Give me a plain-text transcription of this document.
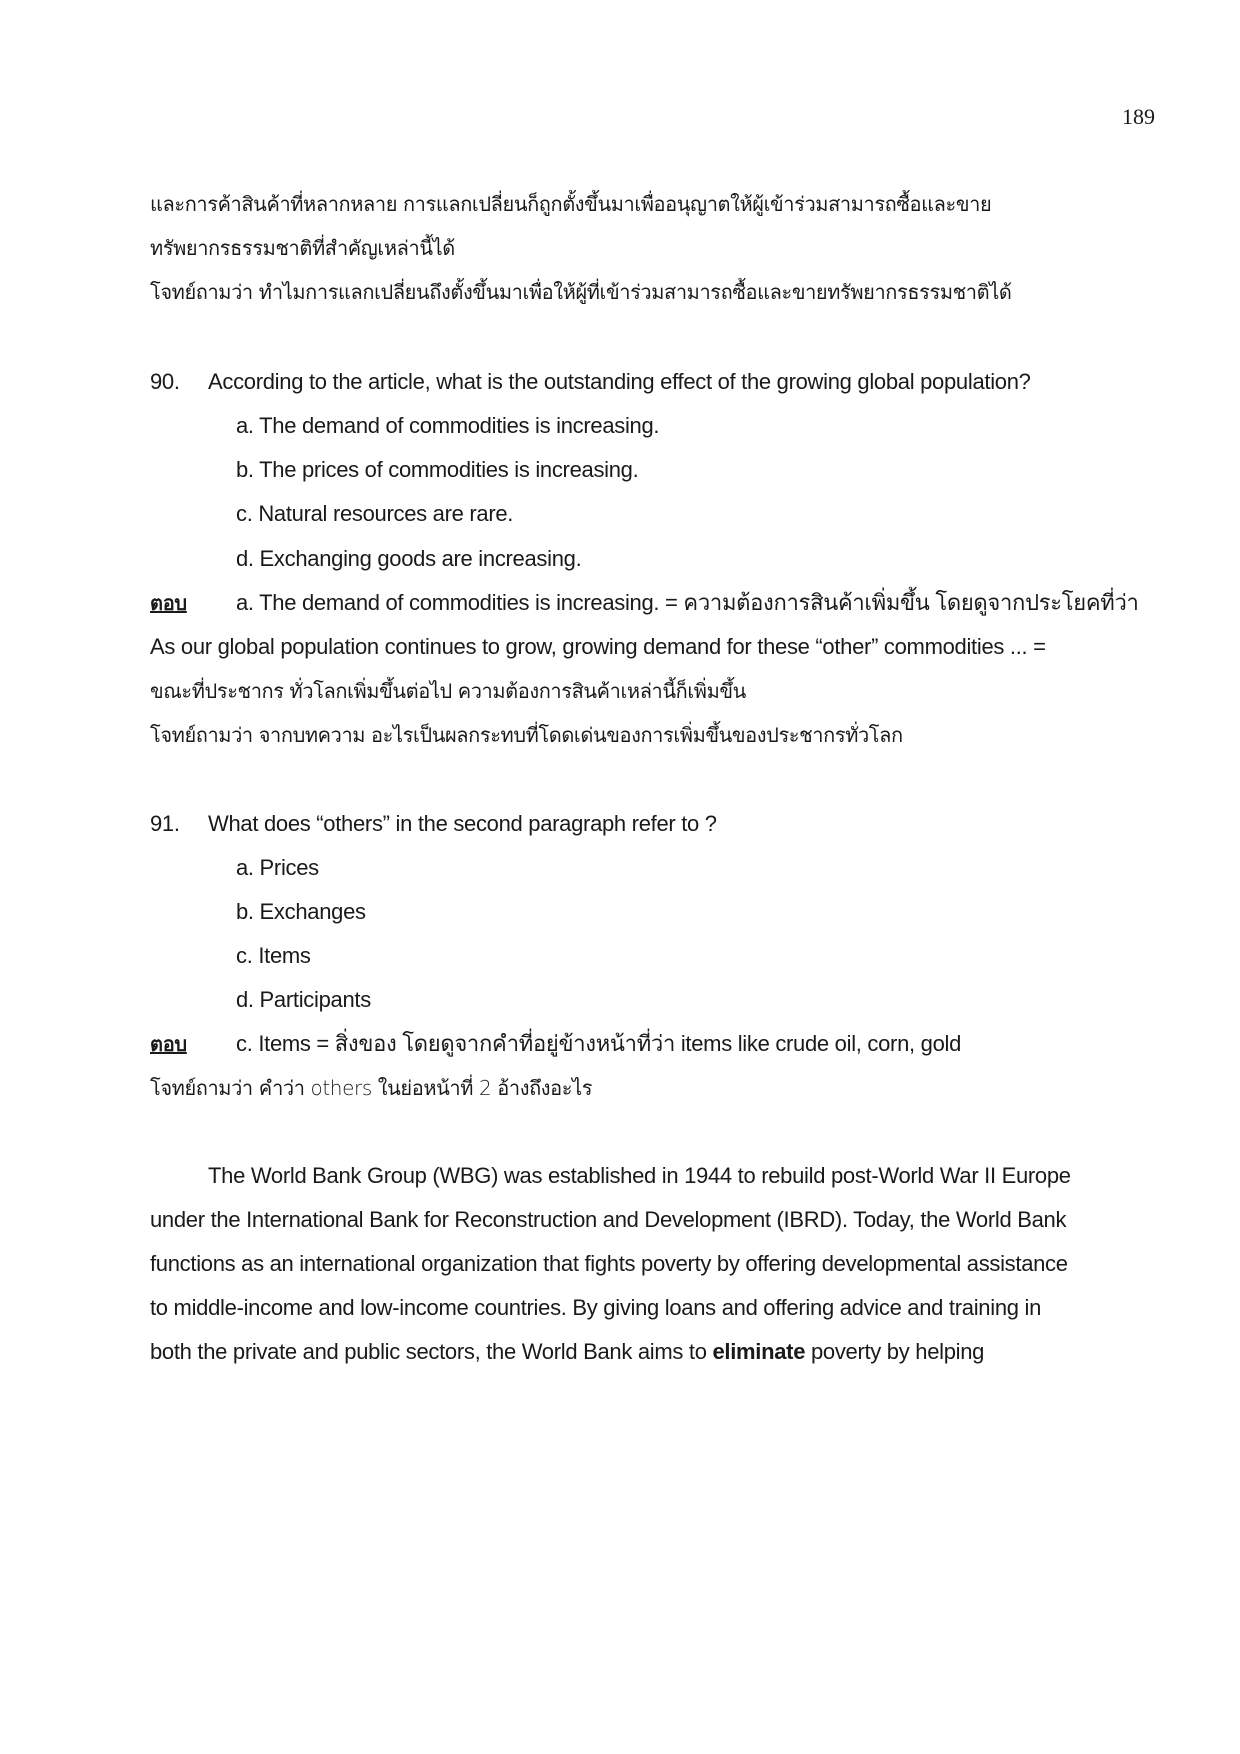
189
และการค้าสินค้าที่หลากหลาย การแลกเปลี่ยนก็ถูกตั้งขึ้นมาเพื่ออนุญาตให้ผู้เข้าร่วมสามารถซื้อและขาย
ทรัพยากรธรรมชาติที่สำคัญเหล่านี้ได้
โจทย์ถามว่า ทำไมการแลกเปลี่ยนถึงตั้งขึ้นมาเพื่อให้ผู้ที่เข้าร่วมสามารถซื้อและขายทรัพยากรธรรมชาติได้
90. According to the article, what is the outstanding effect of the growing global population?
a. The demand of commodities is increasing.
b. The prices of commodities is increasing.
c. Natural resources are rare.
d. Exchanging goods are increasing.
ตอบ a. The demand of commodities is increasing. = ความต้องการสินค้าเพิ่มขึ้น โดยดูจากประโยคที่ว่า
As our global population continues to grow, growing demand for these “other” commodities ... =
ขณะที่ประชากร ทั่วโลกเพิ่มขึ้นต่อไป ความต้องการสินค้าเหล่านี้ก็เพิ่มขึ้น
โจทย์ถามว่า จากบทความ อะไรเป็นผลกระทบที่โดดเด่นของการเพิ่มขึ้นของประชากรทั่วโลก
91. What does “others” in the second paragraph refer to ?
a. Prices
b. Exchanges
c. Items
d. Participants
ตอบ c. Items = สิ่งของ โดยดูจากคำที่อยู่ข้างหน้าที่ว่า items like crude oil, corn, gold
โจทย์ถามว่า คำว่า others ในย่อหน้าที่ 2 อ้างถึงอะไร
The World Bank Group (WBG) was established in 1944 to rebuild post-World War II Europe
under the International Bank for Reconstruction and Development (IBRD). Today, the World Bank
functions as an international organization that fights poverty by offering developmental assistance
to middle-income and low-income countries. By giving loans and offering advice and training in
both the private and public sectors, the World Bank aims to eliminate poverty by helping
